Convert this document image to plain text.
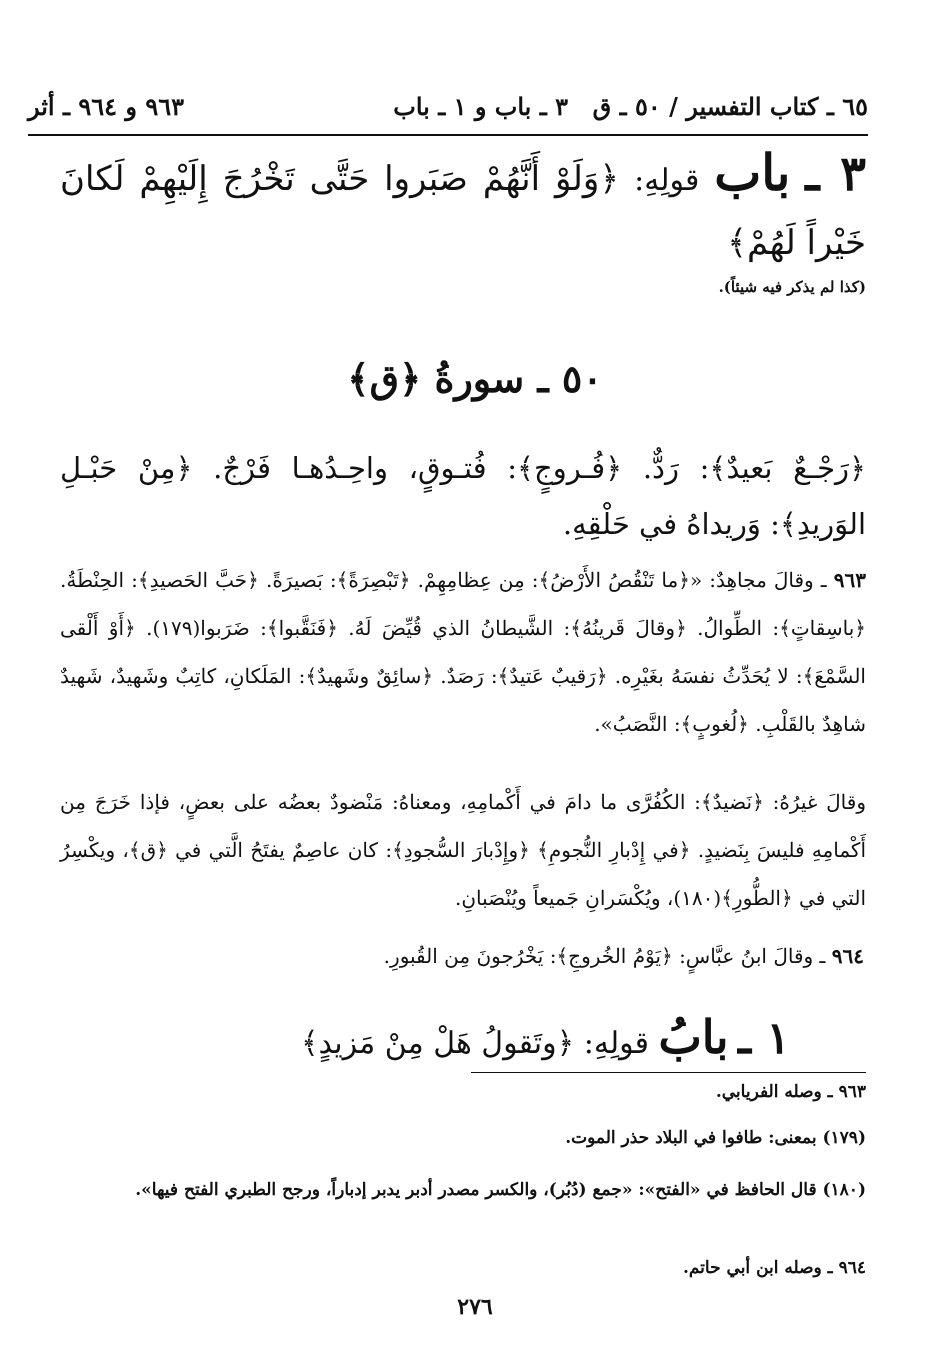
٦٥ ـ كتاب التفسير / ٥٠ ـ ق
٣ ـ باب و ١ ـ باب
٩٦٣ و ٩٦٤ ـ أثر
٣ ـ باب قولِهِ: ﴿وَلَوْ أَنَّهُمْ صَبَروا حَتَّى تَخْرُجَ إِلَيْهِمْ لَكانَ خَيْراً لَهُمْ﴾
(كذا لم يذكر فيه شيئاً).
٥٠ ـ سورةُ ﴿ق﴾
﴿رَجْـعٌ بَعيدٌ﴾: رَدٌّ. ﴿فُـروجٍ﴾: فُتـوقٍ، واحِـدُهـا فَرْجٌ. ﴿مِنْ حَبْـلِ الوَريدِ﴾: وَريداهُ في حَلْقِهِ.
٩٦٣ ـ وقالَ مجاهِدٌ: «﴿ما تَنْقُصُ الأَرْضُ﴾: مِن عِظامِهِمْ. ﴿تَبْصِرَةً﴾: بَصيرَةً. ﴿حَبَّ الحَصيدِ﴾: الحِنْطَةُ. ﴿باسِقاتٍ﴾: الطِّوالُ. ﴿وقالَ قَرينُهُ﴾: الشَّيطانُ الذي قُيِّضَ لَهُ. ﴿فَنَقَّبوا﴾: ضَرَبوا(١٧٩). ﴿أَوْ أَلْقى السَّمْعَ﴾: لا يُحَدِّثُ نفسَهُ بغَيْرِه. ﴿رَقيبٌ عَتيدٌ﴾: رَصَدٌ. ﴿سائِقٌ وشَهيدٌ﴾: المَلَكانِ، كاتِبٌ وشَهيدٌ، شَهيدٌ شاهِدٌ بالقَلْبِ. ﴿لُغوبٍ﴾: النَّصَبُ».
وقالَ غيرُهُ: ﴿نَضيدٌ﴾: الكُفُرَّى ما دامَ في أَكْمامِهِ، ومعناهُ: مَنْضودٌ بعضُه على بعضٍ، فإذا خَرَجَ مِن أَكْمامِهِ فليسَ بِنَضيدٍ. ﴿في إِدْبارِ النُّجومِ﴾ ﴿وإِدْبارَ السُّجودِ﴾: كان عاصِمٌ يفتَحُ الَّتي في ﴿ق﴾، ويكْسِرُ التي في ﴿الطُّورِ﴾(١٨٠)، ويُكْسَرانِ جَميعاً ويُنْصَبانِ.
٩٦٤ ـ وقالَ ابنُ عبَّاسٍ: ﴿يَوْمُ الخُروجِ﴾: يَخْرُجونَ مِن القُبورِ.
١ ـ بابُ قولِهِ: ﴿وتَقولُ هَلْ مِنْ مَزيدٍ﴾
٩٦٣ ـ وصله الفريابي.
(١٧٩) بمعنى: طافوا في البلاد حذر الموت.
(١٨٠) قال الحافظ في «الفتح»: «جمع (دُبُر)، والكسر مصدر أدبر يدبر إدباراً، ورجح الطبري الفتح فيها».
٩٦٤ ـ وصله ابن أبي حاتم.
٢٧٦
